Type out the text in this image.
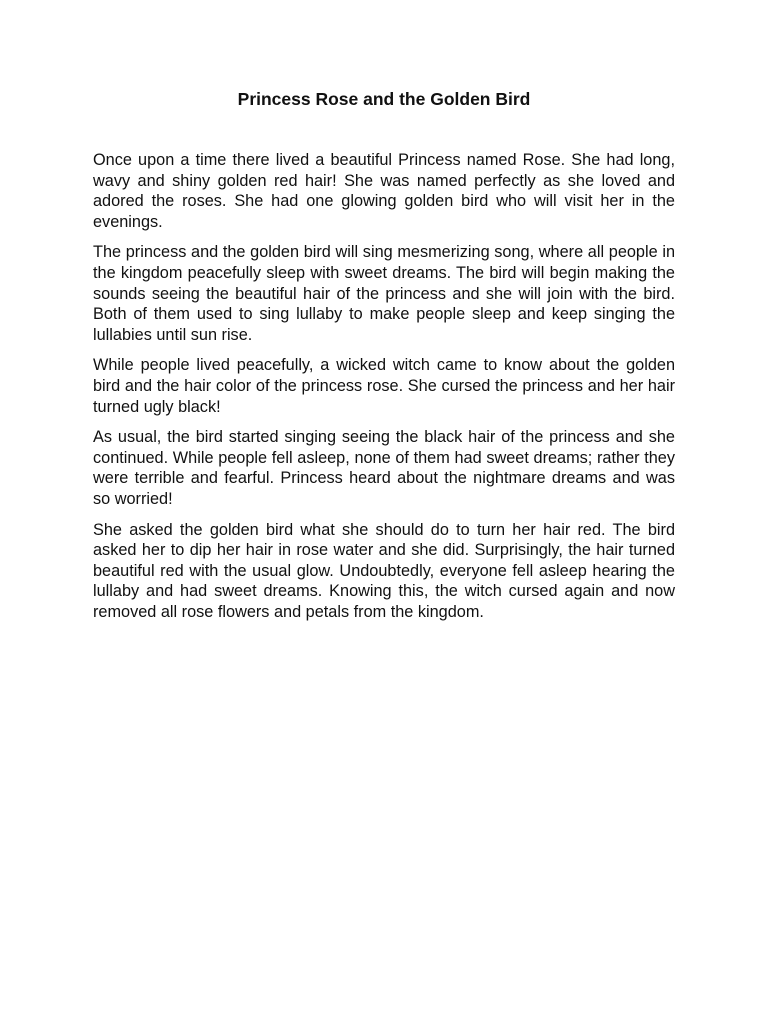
Princess Rose and the Golden Bird

Once upon a time there lived a beautiful Princess named Rose. She had long, wavy and shiny golden red hair! She was named perfectly as she loved and adored the roses. She had one glowing golden bird who will visit her in the evenings.

The princess and the golden bird will sing mesmerizing song, where all people in the kingdom peacefully sleep with sweet dreams. The bird will begin making the sounds seeing the beautiful hair of the princess and she will join with the bird. Both of them used to sing lullaby to make people sleep and keep singing the lullabies until sun rise.

While people lived peacefully, a wicked witch came to know about the golden bird and the hair color of the princess rose. She cursed the princess and her hair turned ugly black!

As usual, the bird started singing seeing the black hair of the princess and she continued. While people fell asleep, none of them had sweet dreams; rather they were terrible and fearful. Princess heard about the nightmare dreams and was so worried!

She asked the golden bird what she should do to turn her hair red. The bird asked her to dip her hair in rose water and she did. Surprisingly, the hair turned beautiful red with the usual glow. Undoubtedly, everyone fell asleep hearing the lullaby and had sweet dreams. Knowing this, the witch cursed again and now removed all rose flowers and petals from the kingdom.
